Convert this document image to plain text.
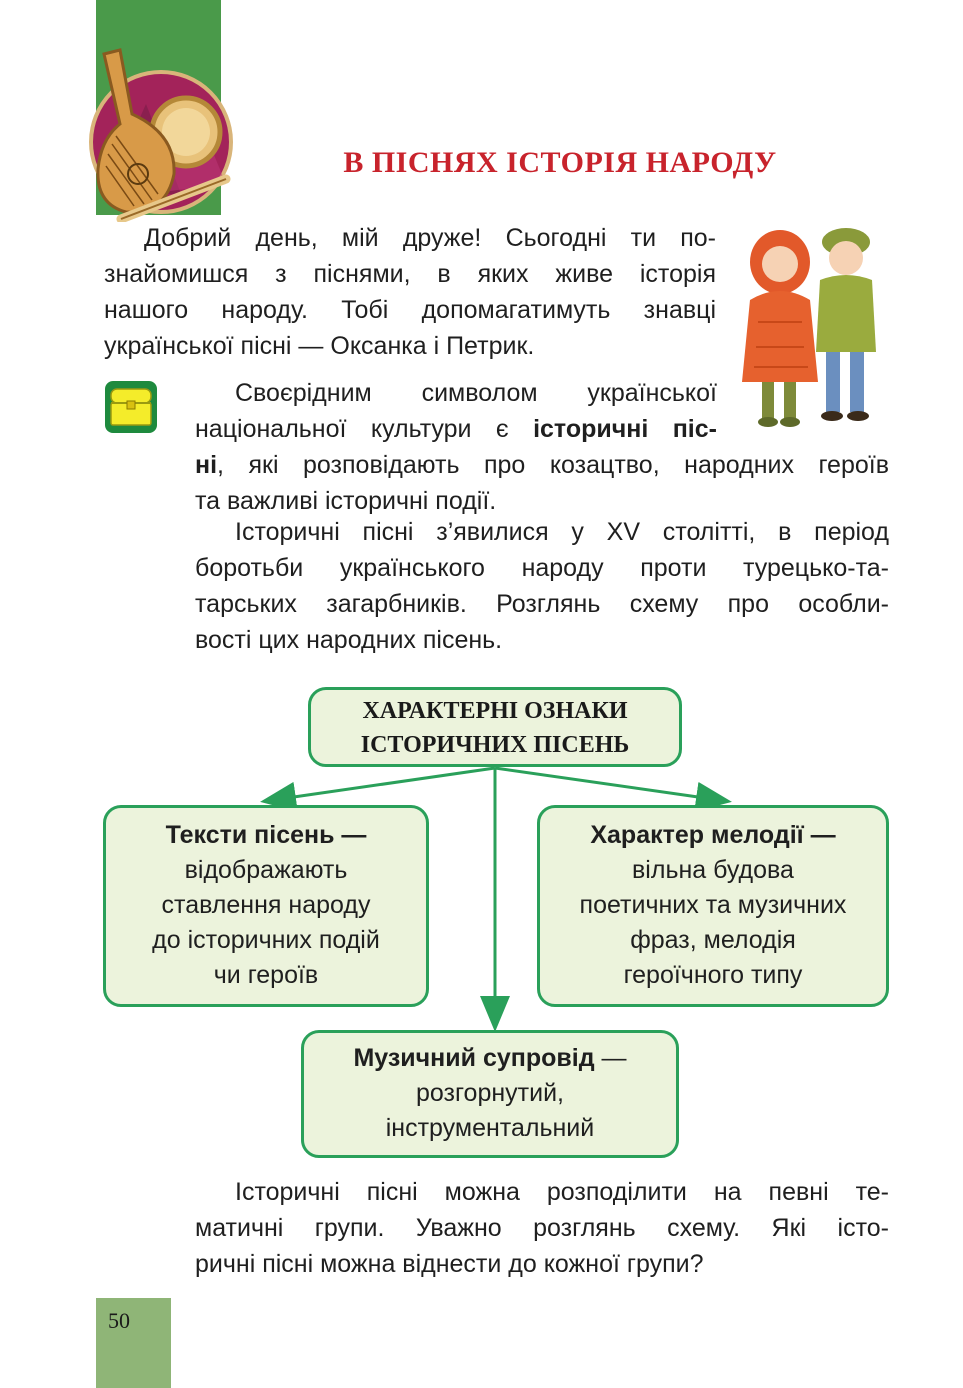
В ПІСНЯХ ІСТОРІЯ НАРОДУ

Добрий день, мій друже! Сьогодні ти по-
знайомишся з піснями, в яких живе історія
нашого народу. Тобі допомагатимуть знавці
української пісні — Оксанка і Петрик.

Своєрідним символом української
національної культури є історичні піс-

ні, які розповідають про козацтво, народних героїв
та важливі історичні події.

Історичні пісні з’явилися у XV столітті, в період
боротьби українського народу проти турецько-та-
тарських загарбників. Розглянь схему про особли-
вості цих народних пісень.

ХАРАКТЕРНІ ОЗНАКИ
ІСТОРИЧНИХ ПІСЕНЬ
Тексти пісень —
відображають
ставлення народу
до історичних подій
чи героїв
Характер мелодії —
вільна будова
поетичних та музичних
фраз, мелодія
героїчного типу
Музичний супровід —
розгорнутий,
інструментальний

Історичні пісні можна розподілити на певні те-
матичні групи. Уважно розглянь схему. Які істо-
ричні пісні можна віднести до кожної групи?

50
